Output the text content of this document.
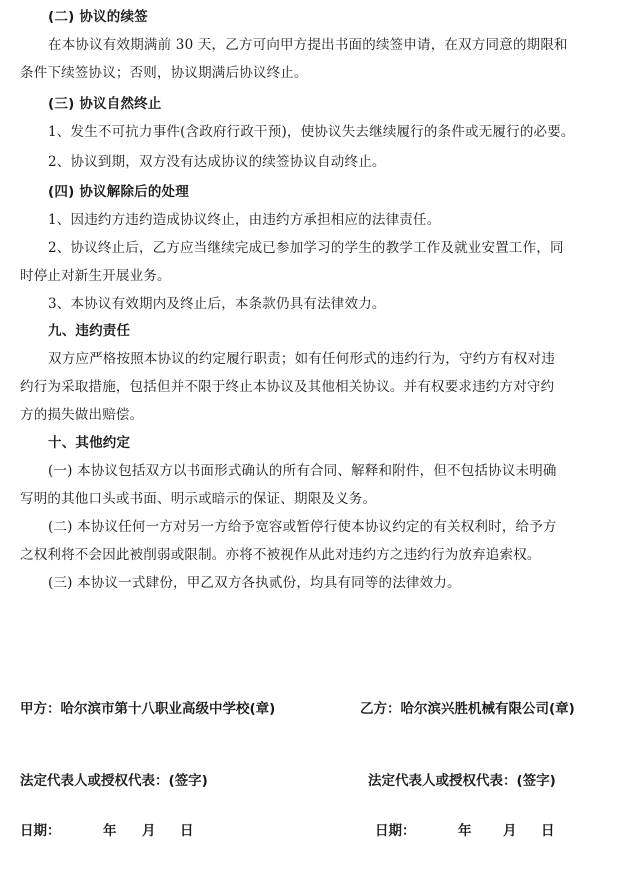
(二) 协议的续签
在本协议有效期满前 30 天，乙方可向甲方提出书面的续签申请，在双方同意的期限和
条件下续签协议；否则，协议期满后协议终止。
(三) 协议自然终止
1、发生不可抗力事件(含政府行政干预)，使协议失去继续履行的条件或无履行的必要。
2、协议到期，双方没有达成协议的续签协议自动终止。
(四) 协议解除后的处理
1、因违约方违约造成协议终止，由违约方承担相应的法律责任。
2、协议终止后，乙方应当继续完成已参加学习的学生的教学工作及就业安置工作，同
时停止对新生开展业务。
3、本协议有效期内及终止后，本条款仍具有法律效力。
九、违约责任
双方应严格按照本协议的约定履行职责；如有任何形式的违约行为，守约方有权对违
约行为采取措施，包括但并不限于终止本协议及其他相关协议。并有权要求违约方对守约
方的损失做出赔偿。
十、其他约定
(一) 本协议包括双方以书面形式确认的所有合同、解释和附件，但不包括协议未明确
写明的其他口头或书面、明示或暗示的保证、期限及义务。
(二) 本协议任何一方对另一方给予宽容或暂停行使本协议约定的有关权利时，给予方
之权利将不会因此被削弱或限制。亦将不被视作从此对违约方之违约行为放弃追索权。
(三) 本协议一式肆份，甲乙双方各执贰份，均具有同等的法律效力。
甲方：哈尔滨市第十八职业高级中学校(章)	乙方：哈尔滨兴胜机械有限公司(章)
法定代表人或授权代表：(签字)	法定代表人或授权代表：(签字)
日期：	年 月 日	日期：	年 月 日
